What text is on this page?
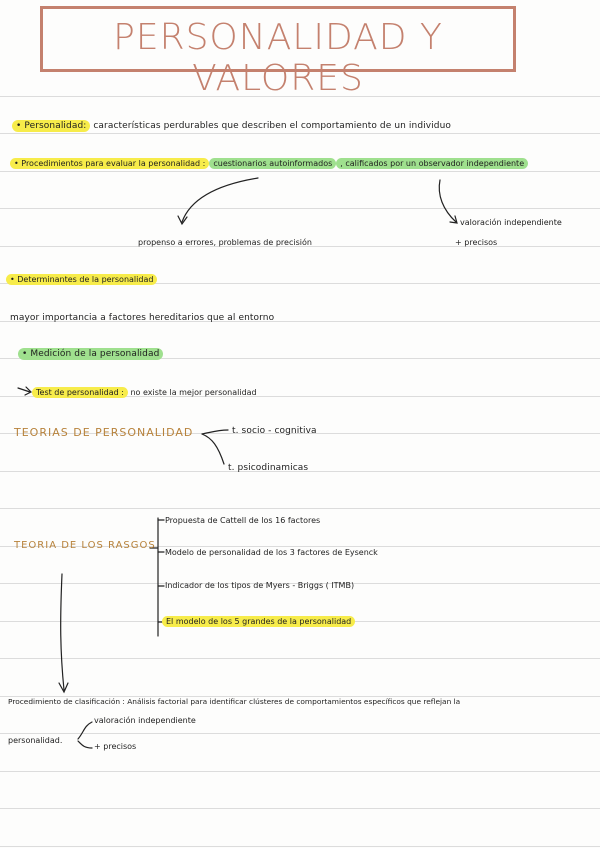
PERSONALIDAD Y VALORES
• Personalidad: características perdurables que describen el comportamiento de un individuo
• Procedimientos para evaluar la personalidad : cuestionarios autoinformados , calificados por un observador independiente
propenso a errores, problemas de precisión
valoración independiente
+ precisos
• Determinantes de la personalidad
mayor importancia a factores hereditarios que al entorno
• Medición de la personalidad
Test de personalidad : no existe la mejor personalidad
TEORIAS DE PERSONALIDAD	t. socio - cognitiva
t. psicodinamicas
TEORIA DE LOS RASGOS
Propuesta de Cattell de los 16 factores
Modelo de personalidad de los 3 factores de Eysenck
Indicador de los tipos de Myers - Briggs ( ITMB)
El modelo de los 5 grandes de la personalidad
Procedimiento de clasificación : Análisis factorial para identificar clústeres de comportamientos específicos que reflejan la
personalidad.
valoración independiente
+ precisos
